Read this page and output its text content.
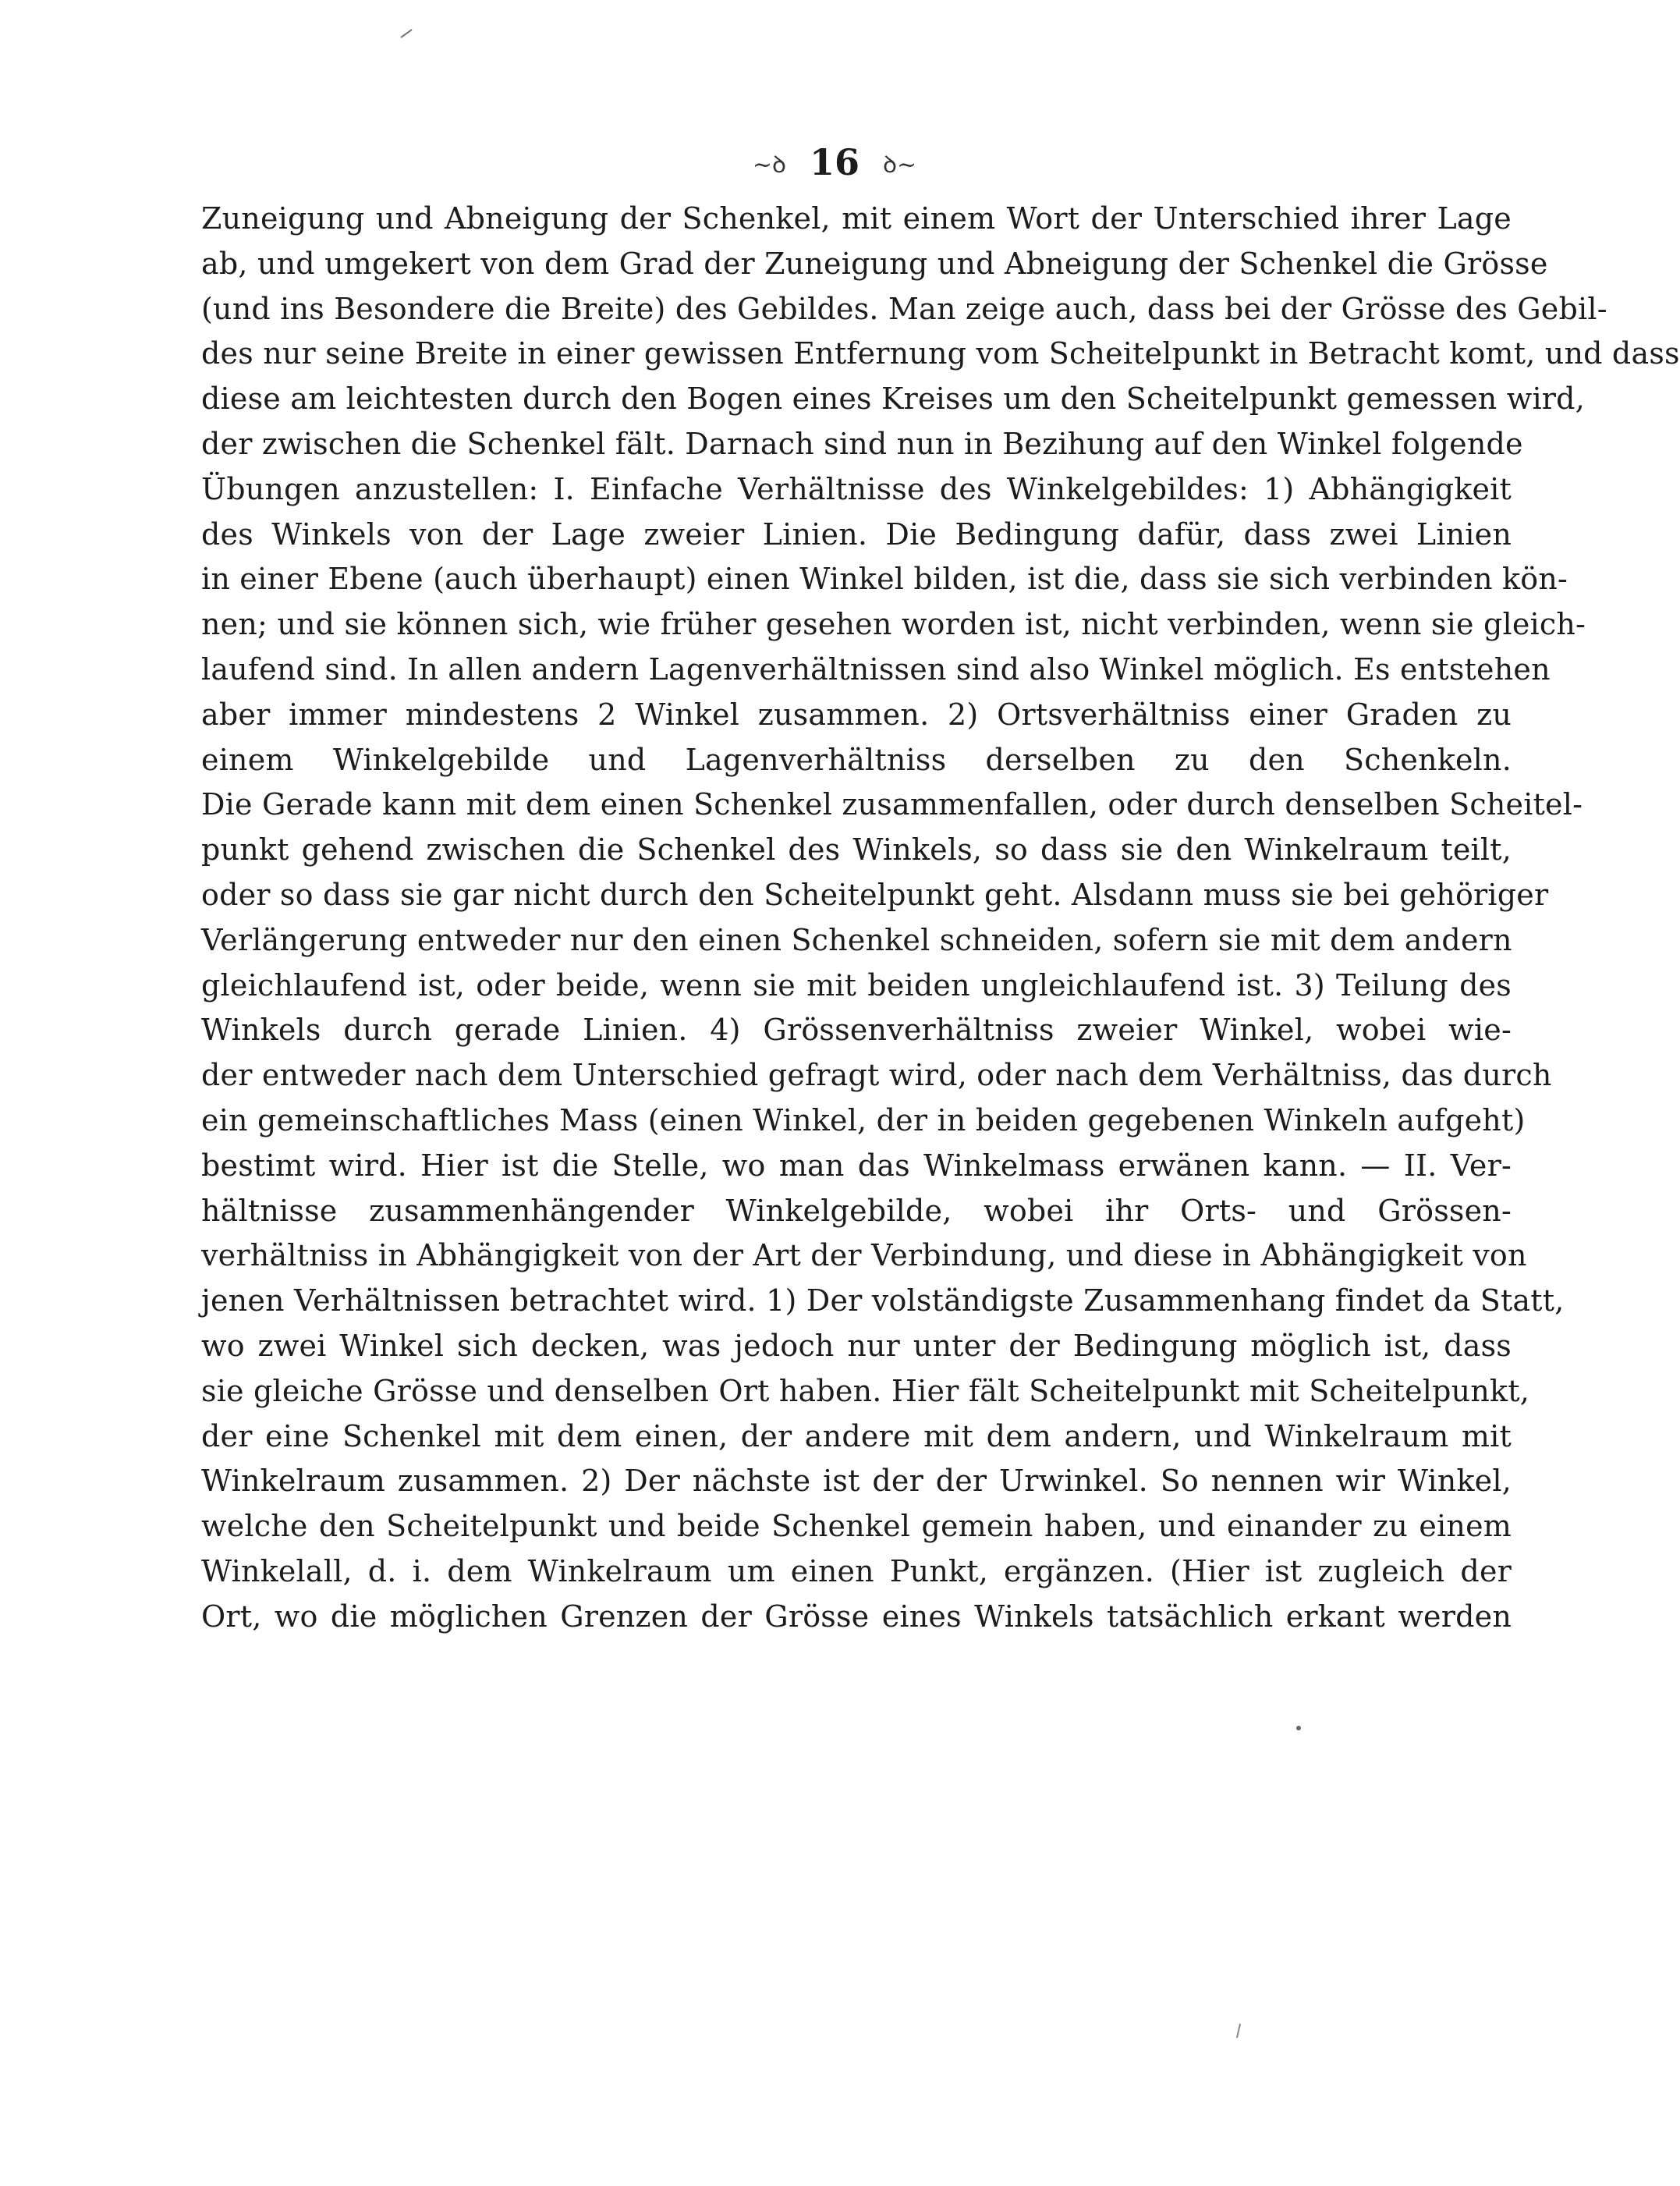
~ꝺ 16 ꝺ~
Zuneigung und Abneigung der Schenkel, mit einem Wort der Unterschied ihrer Lage
ab, und umgekert von dem Grad der Zuneigung und Abneigung der Schenkel die Grösse
(und ins Besondere die Breite) des Gebildes. Man zeige auch, dass bei der Grösse des Gebil-
des nur seine Breite in einer gewissen Entfernung vom Scheitelpunkt in Betracht komt, und dass
diese am leichtesten durch den Bogen eines Kreises um den Scheitelpunkt gemessen wird,
der zwischen die Schenkel fält. Darnach sind nun in Bezihung auf den Winkel folgende
Übungen anzustellen: I. Einfache Verhältnisse des Winkelgebildes: 1) Abhängigkeit
des Winkels von der Lage zweier Linien. Die Bedingung dafür, dass zwei Linien
in einer Ebene (auch überhaupt) einen Winkel bilden, ist die, dass sie sich verbinden kön-
nen; und sie können sich, wie früher gesehen worden ist, nicht verbinden, wenn sie gleich-
laufend sind. In allen andern Lagenverhältnissen sind also Winkel möglich. Es entstehen
aber immer mindestens 2 Winkel zusammen. 2) Ortsverhältniss einer Graden zu
einem Winkelgebilde und Lagenverhältniss derselben zu den Schenkeln.
Die Gerade kann mit dem einen Schenkel zusammenfallen, oder durch denselben Scheitel-
punkt gehend zwischen die Schenkel des Winkels, so dass sie den Winkelraum teilt,
oder so dass sie gar nicht durch den Scheitelpunkt geht. Alsdann muss sie bei gehöriger
Verlängerung entweder nur den einen Schenkel schneiden, sofern sie mit dem andern
gleichlaufend ist, oder beide, wenn sie mit beiden ungleichlaufend ist. 3) Teilung des
Winkels durch gerade Linien. 4) Grössenverhältniss zweier Winkel, wobei wie-
der entweder nach dem Unterschied gefragt wird, oder nach dem Verhältniss, das durch
ein gemeinschaftliches Mass (einen Winkel, der in beiden gegebenen Winkeln aufgeht)
bestimt wird. Hier ist die Stelle, wo man das Winkelmass erwänen kann. — II. Ver-
hältnisse zusammenhängender Winkelgebilde, wobei ihr Orts- und Grössen-
verhältniss in Abhängigkeit von der Art der Verbindung, und diese in Abhängigkeit von
jenen Verhältnissen betrachtet wird. 1) Der volständigste Zusammenhang findet da Statt,
wo zwei Winkel sich decken, was jedoch nur unter der Bedingung möglich ist, dass
sie gleiche Grösse und denselben Ort haben. Hier fält Scheitelpunkt mit Scheitelpunkt,
der eine Schenkel mit dem einen, der andere mit dem andern, und Winkelraum mit
Winkelraum zusammen. 2) Der nächste ist der der Urwinkel. So nennen wir Winkel,
welche den Scheitelpunkt und beide Schenkel gemein haben, und einander zu einem
Winkelall, d. i. dem Winkelraum um einen Punkt, ergänzen. (Hier ist zugleich der
Ort, wo die möglichen Grenzen der Grösse eines Winkels tatsächlich erkant werden
